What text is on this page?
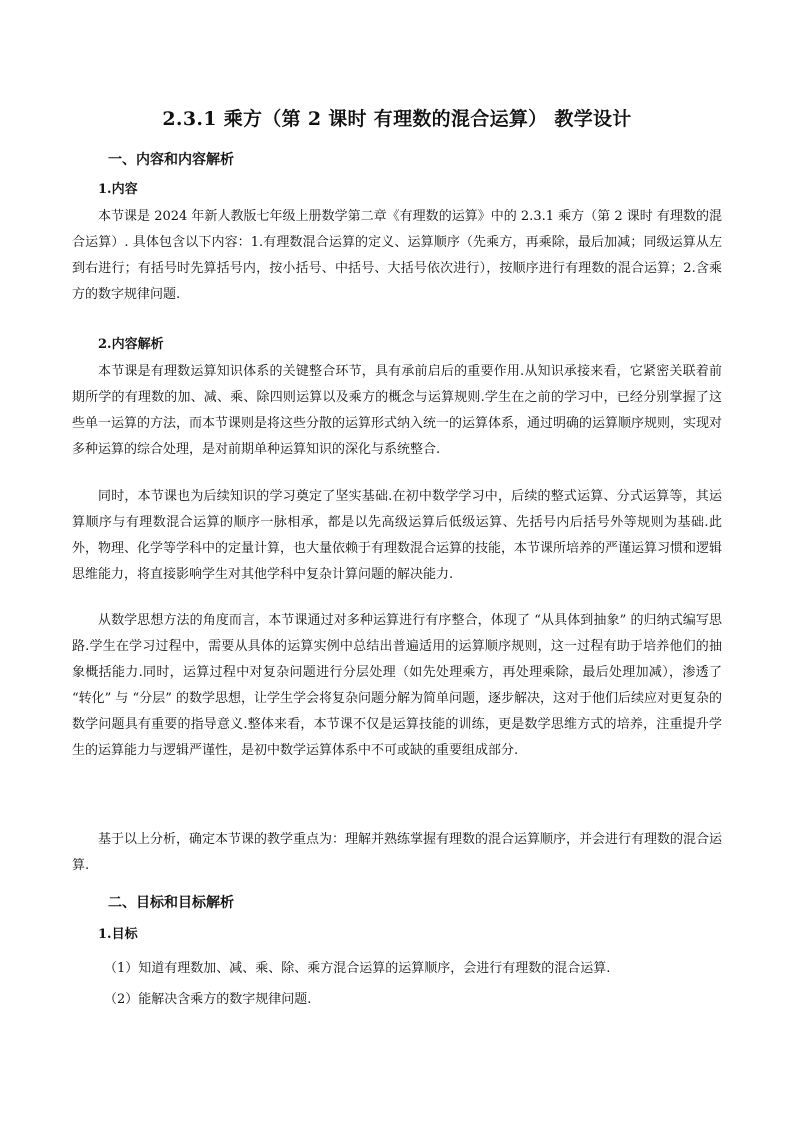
2.3.1 乘方（第 2 课时 有理数的混合运算） 教学设计
一、内容和内容解析
1.内容

本节课是 2024 年新人教版七年级上册数学第二章《有理数的运算》中的 2.3.1 乘方（第 2 课时 有理数的混合运算）. 具体包含以下内容：1.有理数混合运算的定义、运算顺序（先乘方，再乘除，最后加减；同级运算从左到右进行；有括号时先算括号内，按小括号、中括号、大括号依次进行），按顺序进行有理数的混合运算；2.含乘方的数字规律问题.

2.内容解析

本节课是有理数运算知识体系的关键整合环节，具有承前启后的重要作用.从知识承接来看，它紧密关联着前期所学的有理数的加、减、乘、除四则运算以及乘方的概念与运算规则.学生在之前的学习中，已经分别掌握了这些单一运算的方法，而本节课则是将这些分散的运算形式纳入统一的运算体系，通过明确的运算顺序规则，实现对多种运算的综合处理，是对前期单种运算知识的深化与系统整合.

同时，本节课也为后续知识的学习奠定了坚实基础.在初中数学学习中，后续的整式运算、分式运算等，其运算顺序与有理数混合运算的顺序一脉相承，都是以先高级运算后低级运算、先括号内后括号外等规则为基础.此外，物理、化学等学科中的定量计算，也大量依赖于有理数混合运算的技能，本节课所培养的严谨运算习惯和逻辑思维能力，将直接影响学生对其他学科中复杂计算问题的解决能力.

从数学思想方法的角度而言，本节课通过对多种运算进行有序整合，体现了 “从具体到抽象” 的归纳式编写思路.学生在学习过程中，需要从具体的运算实例中总结出普遍适用的运算顺序规则，这一过程有助于培养他们的抽象概括能力.同时，运算过程中对复杂问题进行分层处理（如先处理乘方，再处理乘除，最后处理加减），渗透了 “转化” 与 “分层” 的数学思想，让学生学会将复杂问题分解为简单问题，逐步解决，这对于他们后续应对更复杂的数学问题具有重要的指导意义.整体来看，本节课不仅是运算技能的训练，更是数学思维方式的培养，注重提升学生的运算能力与逻辑严谨性，是初中数学运算体系中不可或缺的重要组成部分.

基于以上分析，确定本节课的教学重点为：理解并熟练掌握有理数的混合运算顺序，并会进行有理数的混合运算.

二、目标和目标解析
1.目标
（1）知道有理数加、减、乘、除、乘方混合运算的运算顺序，会进行有理数的混合运算.
（2）能解决含乘方的数字规律问题.
